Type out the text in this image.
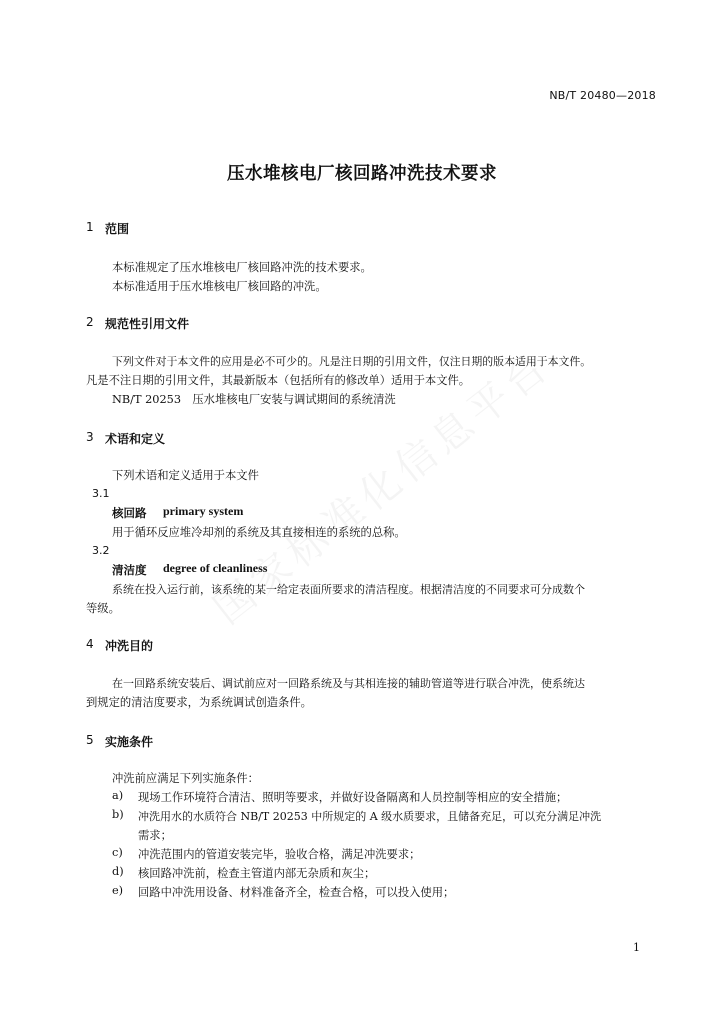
NB/T 20480—2018
压水堆核电厂核回路冲洗技术要求
1 范围
本标准规定了压水堆核电厂核回路冲洗的技术要求。
本标准适用于压水堆核电厂核回路的冲洗。
2 规范性引用文件
下列文件对于本文件的应用是必不可少的。凡是注日期的引用文件，仅注日期的版本适用于本文件。
凡是不注日期的引用文件，其最新版本（包括所有的修改单）适用于本文件。
NB/T 20253　压水堆核电厂安装与调试期间的系统清洗
3 术语和定义
下列术语和定义适用于本文件
3.1
核回路 primary system
用于循环反应堆冷却剂的系统及其直接相连的系统的总称。
3.2
清洁度 degree of cleanliness
系统在投入运行前，该系统的某一给定表面所要求的清洁程度。根据清洁度的不同要求可分成数个
等级。
4 冲洗目的
在一回路系统安装后、调试前应对一回路系统及与其相连接的辅助管道等进行联合冲洗，使系统达
到规定的清洁度要求，为系统调试创造条件。
5 实施条件
冲洗前应满足下列实施条件：
a) 现场工作环境符合清洁、照明等要求，并做好设备隔离和人员控制等相应的安全措施；
b) 冲洗用水的水质符合 NB/T 20253 中所规定的 A 级水质要求，且储备充足，可以充分满足冲洗
需求；
c) 冲洗范围内的管道安装完毕，验收合格，满足冲洗要求；
d) 核回路冲洗前，检查主管道内部无杂质和灰尘；
e) 回路中冲洗用设备、材料准备齐全，检查合格，可以投入使用；
1
